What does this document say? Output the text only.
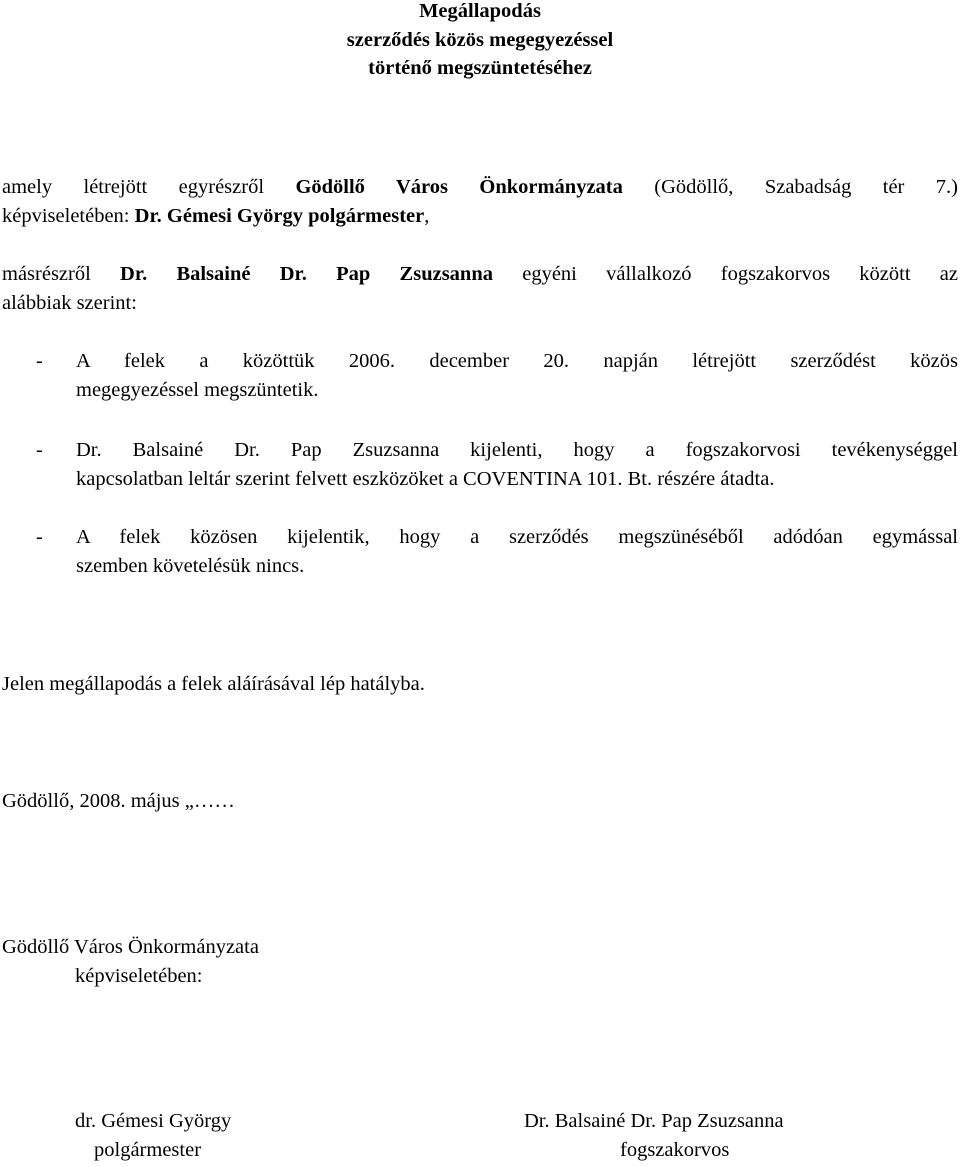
Megállapodás
szerződés közös megegyezéssel
történő megszüntetéséhez
amely létrejött egyrészről Gödöllő Város Önkormányzata (Gödöllő, Szabadság tér 7.)
képviseletében: Dr. Gémesi György polgármester,
másrészről Dr. Balsainé Dr. Pap Zsuzsanna egyéni vállalkozó fogszakorvos között az
alábbiak szerint:
- A felek a közöttük 2006. december 20. napján létrejött szerződést közös
megegyezéssel megszüntetik.
- Dr. Balsainé Dr. Pap Zsuzsanna kijelenti, hogy a fogszakorvosi tevékenységgel
kapcsolatban leltár szerint felvett eszközöket a COVENTINA 101. Bt. részére átadta.
- A felek közösen kijelentik, hogy a szerződés megszünéséből adódóan egymással
szemben követelésük nincs.
Jelen megállapodás a felek aláírásával lép hatályba.
Gödöllő, 2008. május „……
Gödöllő Város Önkormányzata
képviseletében:
dr. Gémesi György
polgármester
Dr. Balsainé Dr. Pap Zsuzsanna
fogszakorvos
